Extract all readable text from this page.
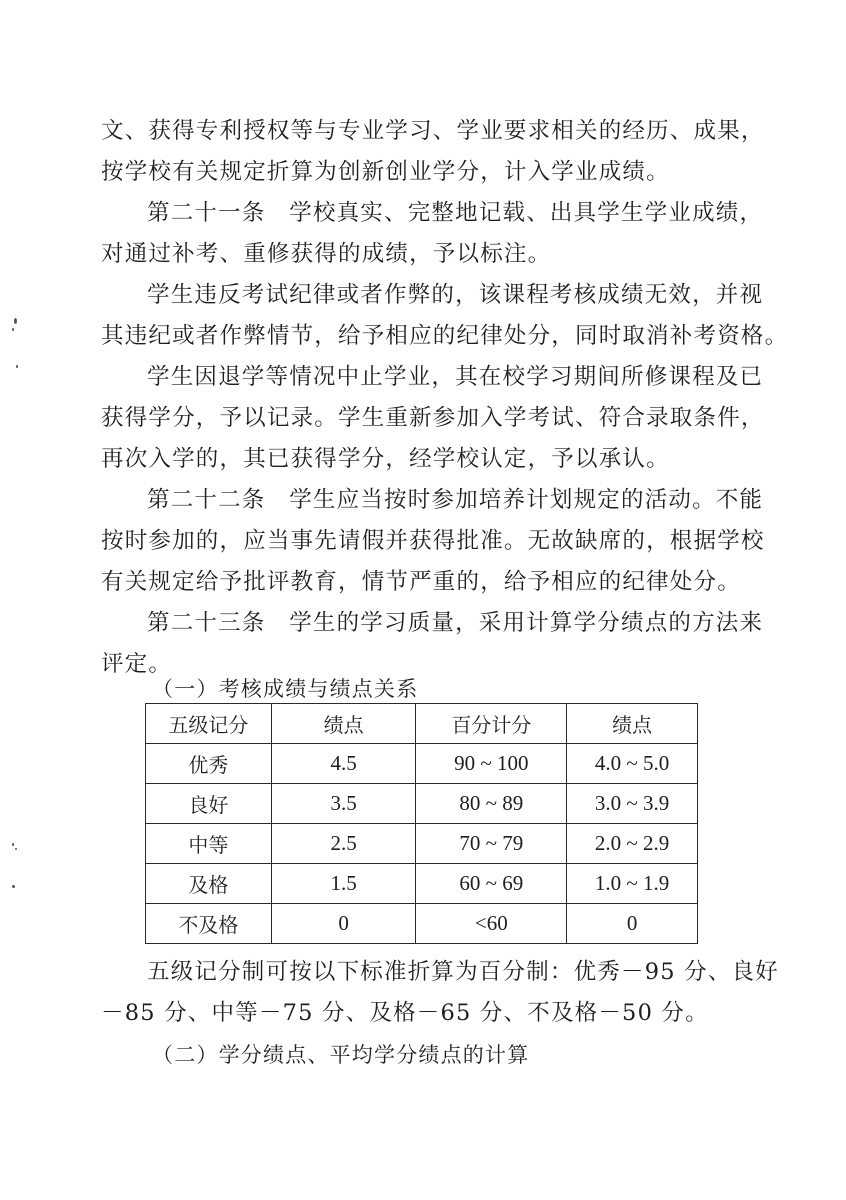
文、获得专利授权等与专业学习、学业要求相关的经历、成果，
按学校有关规定折算为创新创业学分，计入学业成绩。
第二十一条　学校真实、完整地记载、出具学生学业成绩，
对通过补考、重修获得的成绩，予以标注。
学生违反考试纪律或者作弊的，该课程考核成绩无效，并视
其违纪或者作弊情节，给予相应的纪律处分，同时取消补考资格。
学生因退学等情况中止学业，其在校学习期间所修课程及已
获得学分，予以记录。学生重新参加入学考试、符合录取条件，
再次入学的，其已获得学分，经学校认定，予以承认。
第二十二条　学生应当按时参加培养计划规定的活动。不能
按时参加的，应当事先请假并获得批准。无故缺席的，根据学校
有关规定给予批评教育，情节严重的，给予相应的纪律处分。
第二十三条　学生的学习质量，采用计算学分绩点的方法来
评定。
（一）考核成绩与绩点关系
五级记分	绩点	百分计分	绩点
优秀	4.5	90 ~ 100	4.0 ~ 5.0
良好	3.5	80 ~ 89	3.0 ~ 3.9
中等	2.5	70 ~ 79	2.0 ~ 2.9
及格	1.5	60 ~ 69	1.0 ~ 1.9
不及格	0	<60	0
五级记分制可按以下标准折算为百分制：优秀－95 分、良好
－85 分、中等－75 分、及格－65 分、不及格－50 分。
（二）学分绩点、平均学分绩点的计算
